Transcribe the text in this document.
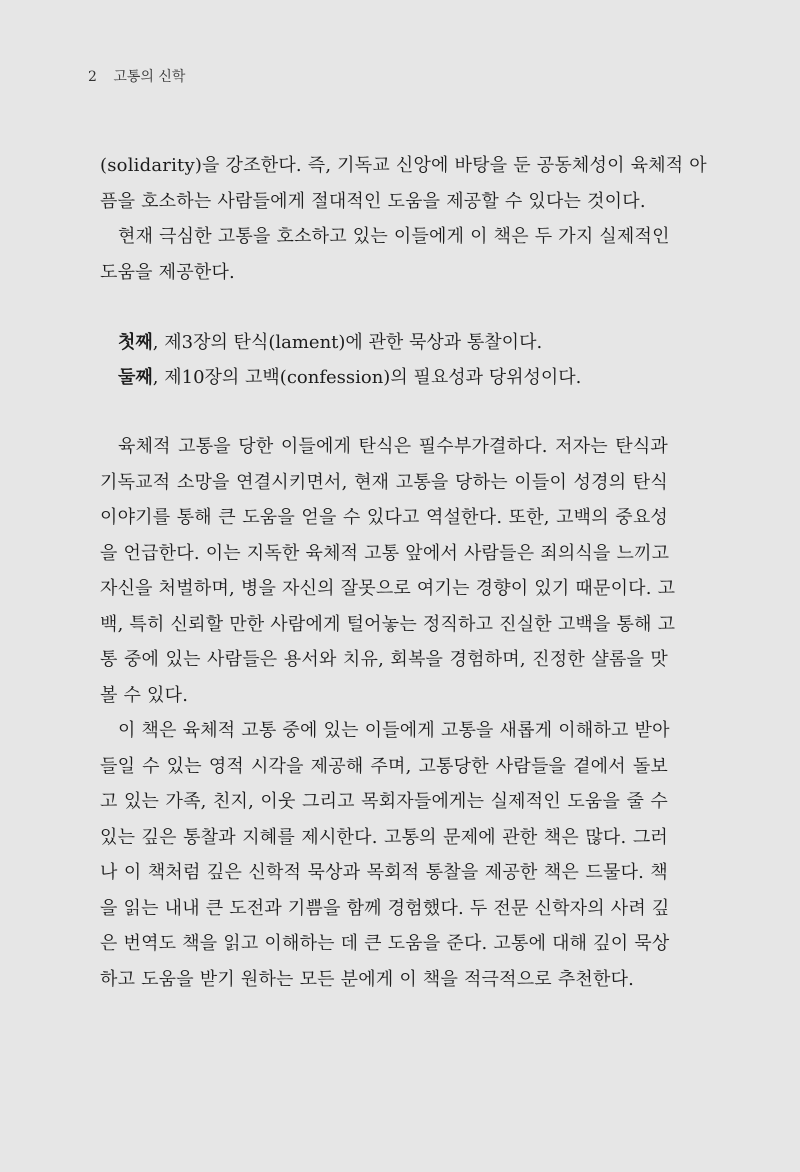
2 고통의 신학
(solidarity)을 강조한다. 즉, 기독교 신앙에 바탕을 둔 공동체성이 육체적 아
픔을 호소하는 사람들에게 절대적인 도움을 제공할 수 있다는 것이다.
현재 극심한 고통을 호소하고 있는 이들에게 이 책은 두 가지 실제적인
도움을 제공한다.
첫째, 제3장의 탄식(lament)에 관한 묵상과 통찰이다.
둘째, 제10장의 고백(confession)의 필요성과 당위성이다.
육체적 고통을 당한 이들에게 탄식은 필수부가결하다. 저자는 탄식과
기독교적 소망을 연결시키면서, 현재 고통을 당하는 이들이 성경의 탄식
이야기를 통해 큰 도움을 얻을 수 있다고 역설한다. 또한, 고백의 중요성
을 언급한다. 이는 지독한 육체적 고통 앞에서 사람들은 죄의식을 느끼고
자신을 처벌하며, 병을 자신의 잘못으로 여기는 경향이 있기 때문이다. 고
백, 특히 신뢰할 만한 사람에게 털어놓는 정직하고 진실한 고백을 통해 고
통 중에 있는 사람들은 용서와 치유, 회복을 경험하며, 진정한 샬롬을 맛
볼 수 있다.
이 책은 육체적 고통 중에 있는 이들에게 고통을 새롭게 이해하고 받아
들일 수 있는 영적 시각을 제공해 주며, 고통당한 사람들을 곁에서 돌보
고 있는 가족, 친지, 이웃 그리고 목회자들에게는 실제적인 도움을 줄 수
있는 깊은 통찰과 지혜를 제시한다. 고통의 문제에 관한 책은 많다. 그러
나 이 책처럼 깊은 신학적 묵상과 목회적 통찰을 제공한 책은 드물다. 책
을 읽는 내내 큰 도전과 기쁨을 함께 경험했다. 두 전문 신학자의 사려 깊
은 번역도 책을 읽고 이해하는 데 큰 도움을 준다. 고통에 대해 깊이 묵상
하고 도움을 받기 원하는 모든 분에게 이 책을 적극적으로 추천한다.
